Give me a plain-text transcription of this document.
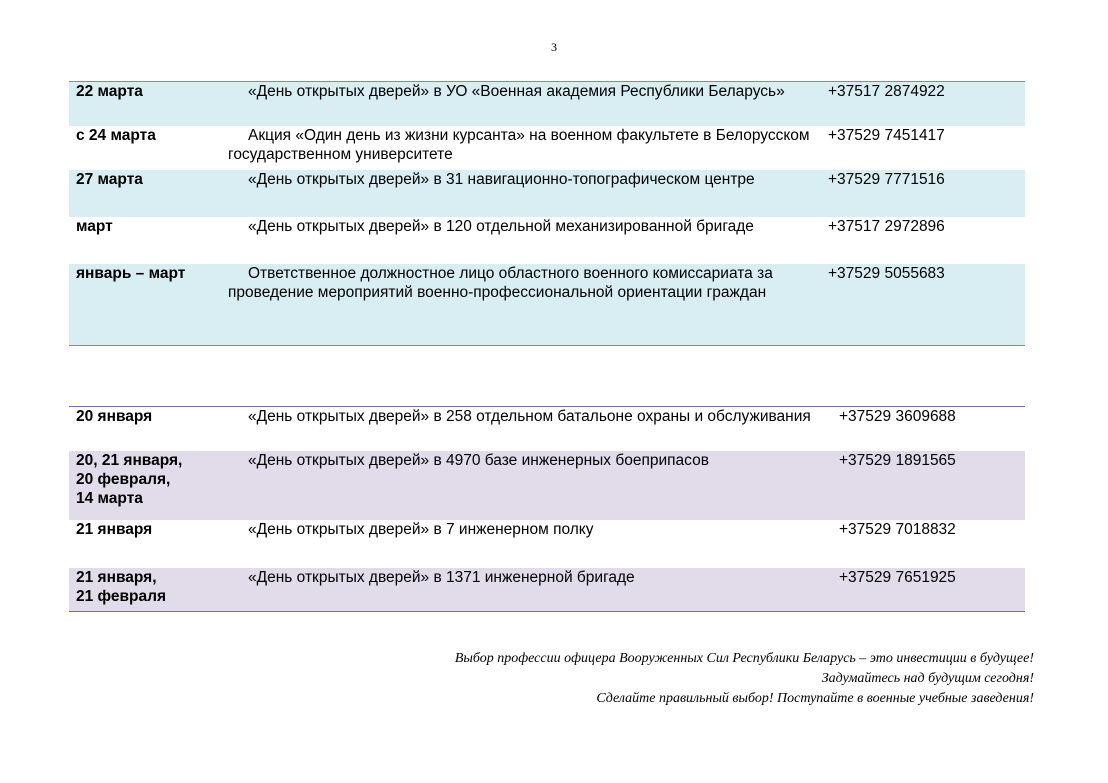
3
22 марта	«День открытых дверей» в УО «Военная академия Республики Беларусь»	+37517 2874922
с 24 марта	Акция «Один день из жизни курсанта» на военном факультете в Белорусском государственном университете	+37529 7451417
27 марта	«День открытых дверей» в 31 навигационно-топографическом центре	+37529 7771516
март	«День открытых дверей» в 120 отдельной механизированной бригаде	+37517 2972896
январь – март	Ответственное должностное лицо областного военного комиссариата за проведение мероприятий военно-профессиональной ориентации граждан	+37529 5055683
20 января	«День открытых дверей» в 258 отдельном батальоне охраны и обслуживания	+37529 3609688
20, 21 января,
20 февраля,
14 марта	«День открытых дверей» в 4970 базе инженерных боеприпасов	+37529 1891565
21 января	«День открытых дверей» в 7 инженерном полку	+37529 7018832
21 января,
21 февраля	«День открытых дверей» в 1371 инженерной бригаде	+37529 7651925
Выбор профессии офицера Вооруженных Сил Республики Беларусь – это инвестиции в будущее!
Задумайтесь над будущим сегодня!
Сделайте правильный выбор! Поступайте в военные учебные заведения!
